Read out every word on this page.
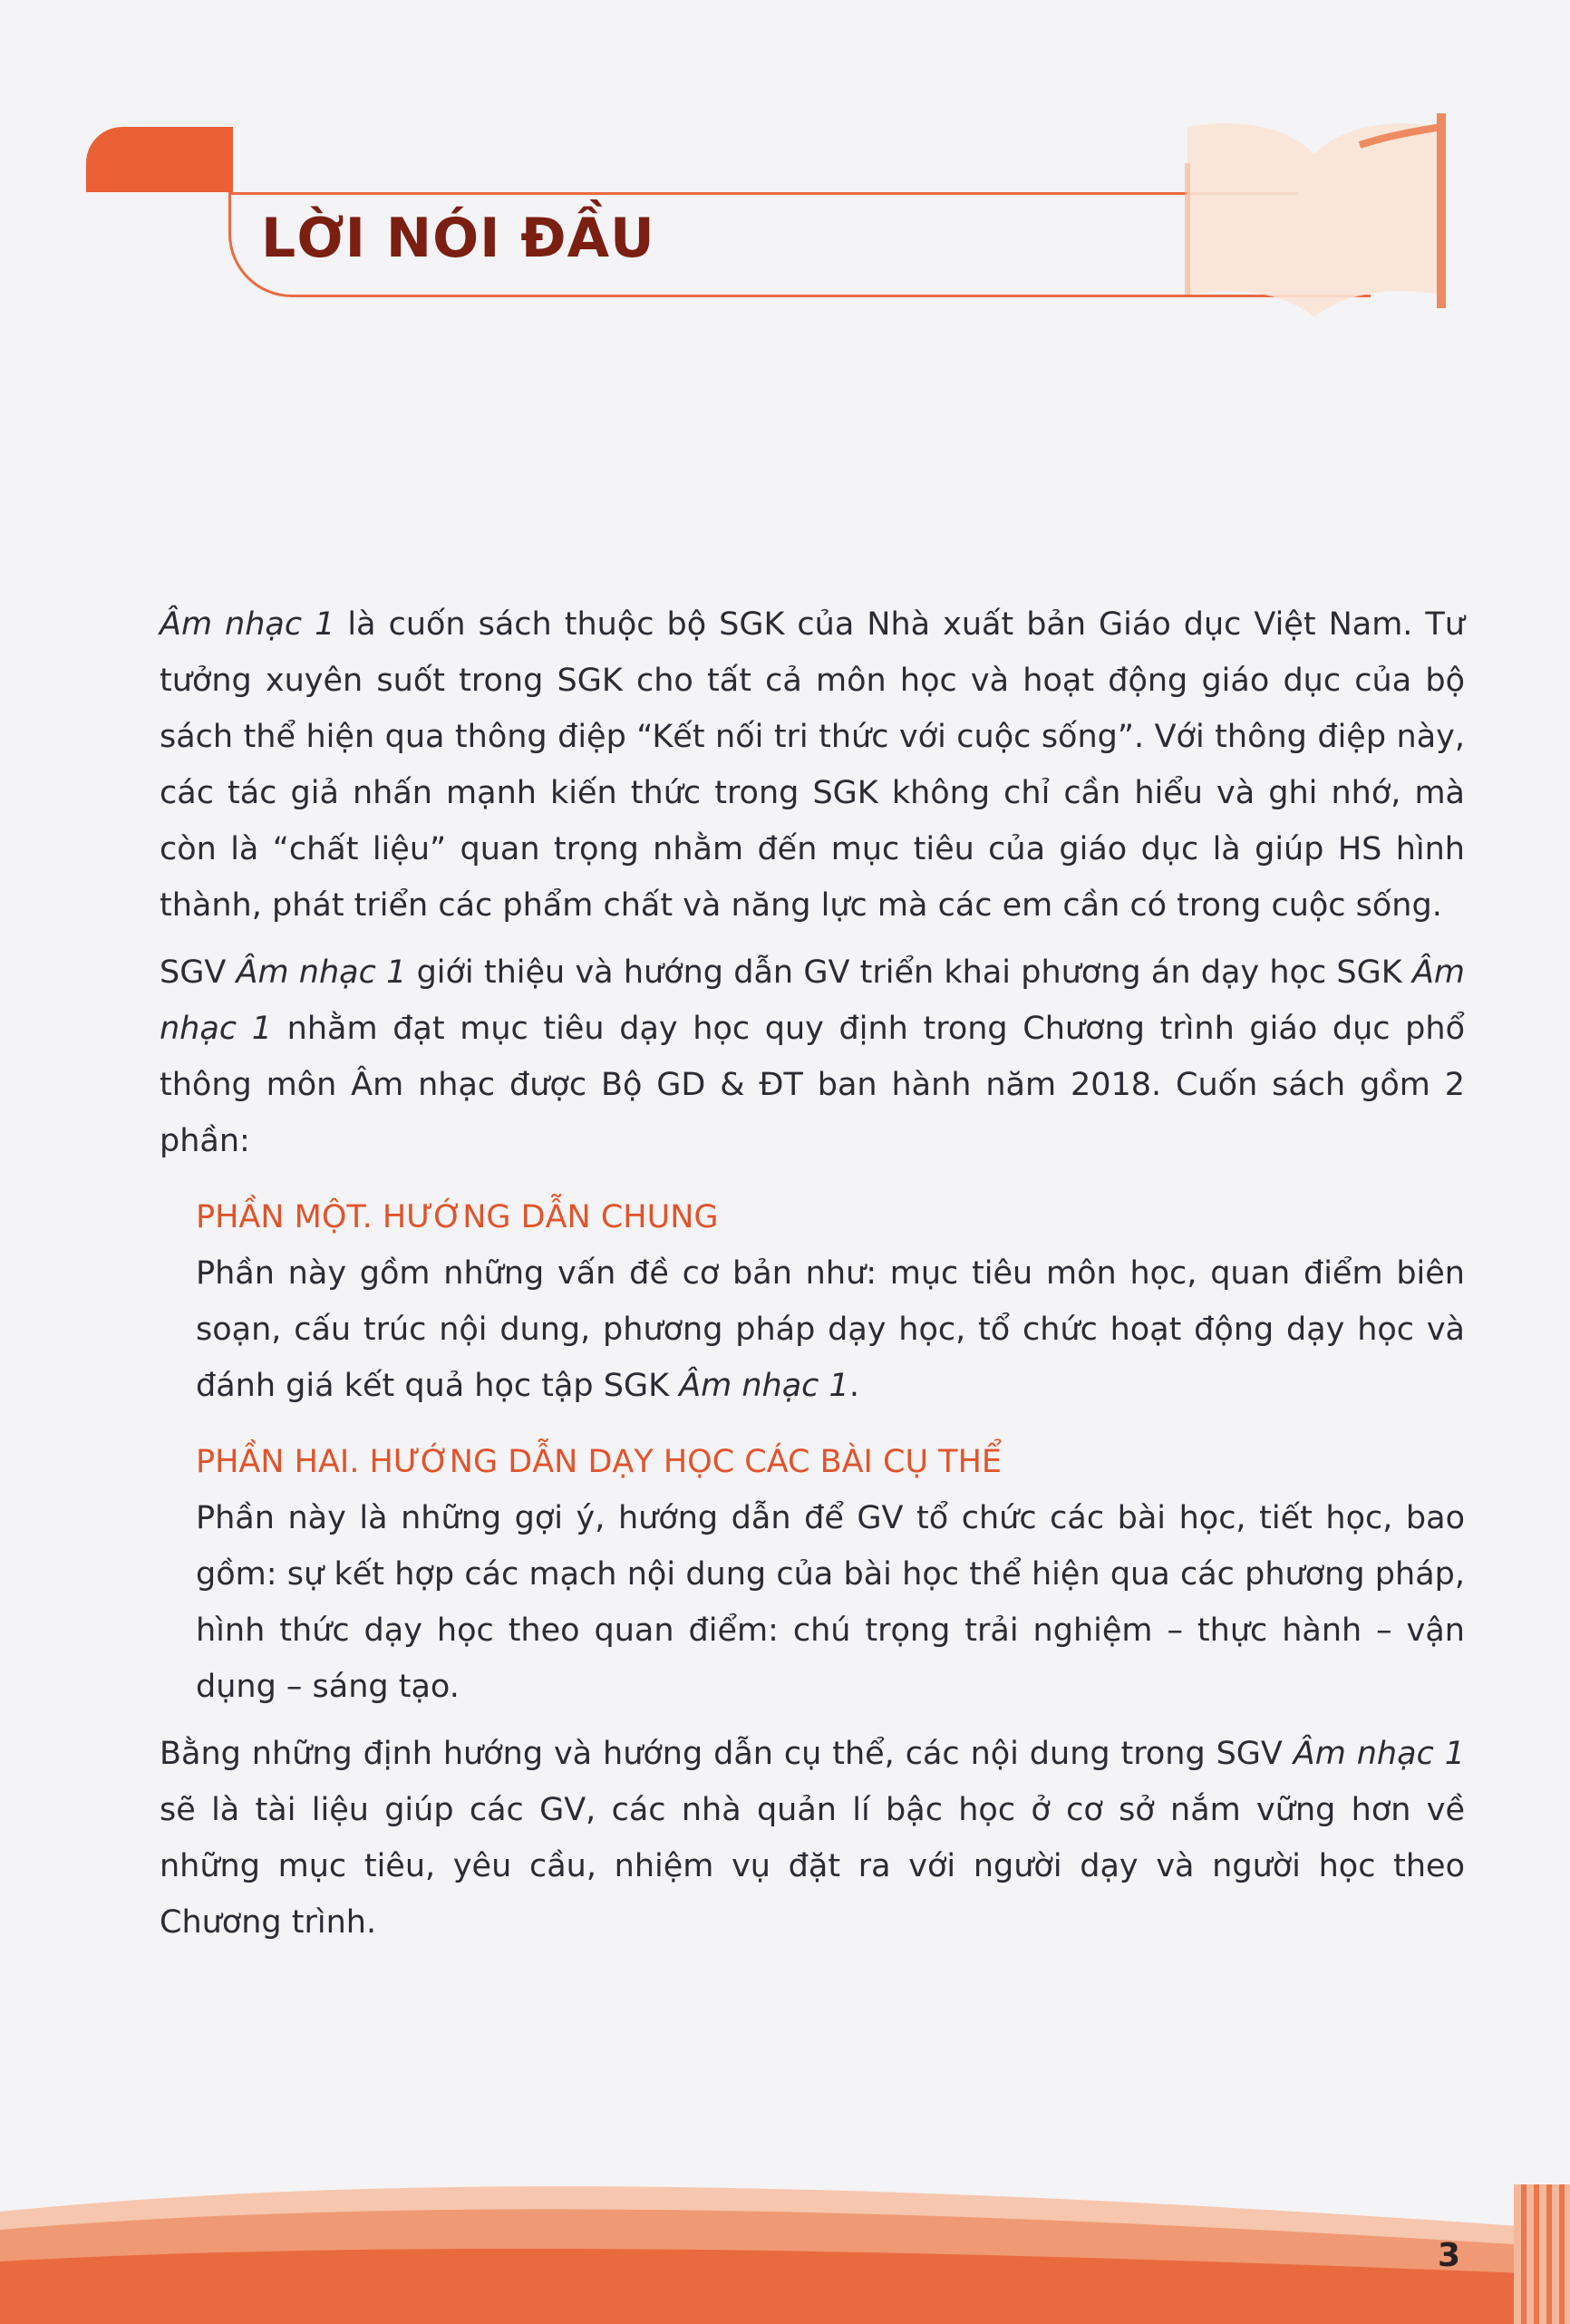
LỜI NÓI ĐẦU

Âm nhạc 1 là cuốn sách thuộc bộ SGK của Nhà xuất bản Giáo dục Việt Nam. Tư tưởng xuyên suốt trong SGK cho tất cả môn học và hoạt động giáo dục của bộ sách thể hiện qua thông điệp “Kết nối tri thức với cuộc sống”. Với thông điệp này, các tác giả nhấn mạnh kiến thức trong SGK không chỉ cần hiểu và ghi nhớ, mà còn là “chất liệu” quan trọng nhằm đến mục tiêu của giáo dục là giúp HS hình thành, phát triển các phẩm chất và năng lực mà các em cần có trong cuộc sống.

SGV Âm nhạc 1 giới thiệu và hướng dẫn GV triển khai phương án dạy học SGK Âm nhạc 1 nhằm đạt mục tiêu dạy học quy định trong Chương trình giáo dục phổ thông môn Âm nhạc được Bộ GD & ĐT ban hành năm 2018. Cuốn sách gồm 2 phần:

PHẦN MỘT. HƯỚNG DẪN CHUNG

Phần này gồm những vấn đề cơ bản như: mục tiêu môn học, quan điểm biên soạn, cấu trúc nội dung, phương pháp dạy học, tổ chức hoạt động dạy học và đánh giá kết quả học tập SGK Âm nhạc 1.

PHẦN HAI. HƯỚNG DẪN DẠY HỌC CÁC BÀI CỤ THỂ

Phần này là những gợi ý, hướng dẫn để GV tổ chức các bài học, tiết học, bao gồm: sự kết hợp các mạch nội dung của bài học thể hiện qua các phương pháp, hình thức dạy học theo quan điểm: chú trọng trải nghiệm – thực hành – vận dụng – sáng tạo.

Bằng những định hướng và hướng dẫn cụ thể, các nội dung trong SGV Âm nhạc 1 sẽ là tài liệu giúp các GV, các nhà quản lí bậc học ở cơ sở nắm vững hơn về những mục tiêu, yêu cầu, nhiệm vụ đặt ra với người dạy và người học theo Chương trình.

3
